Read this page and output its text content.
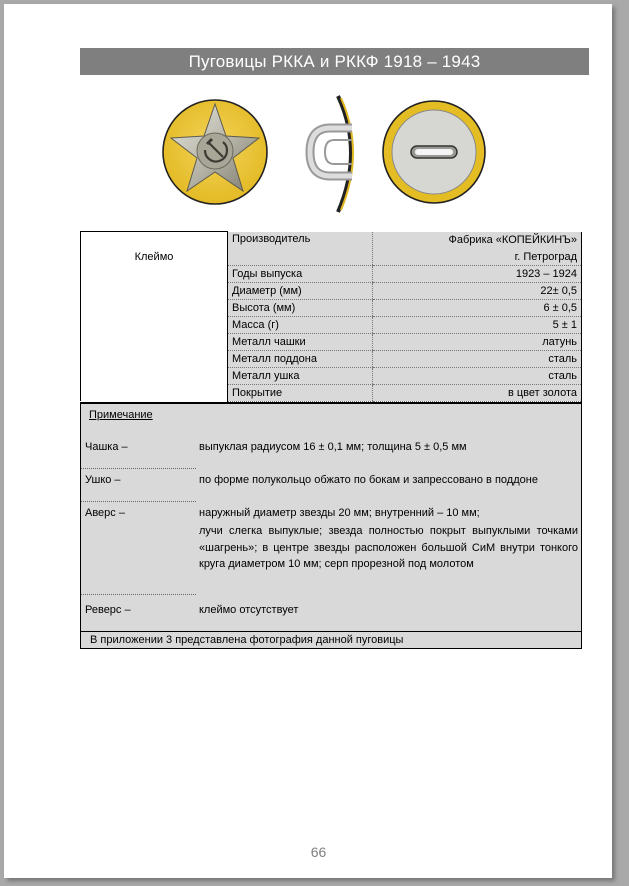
Пуговицы РККА и РККФ 1918 – 1943
Клеймо	Производитель	Фабрика «КОПЕЙКИНЪ»
г. Петроград

	Годы выпуска	1923 – 1924
	Диаметр (мм)	22± 0,5
	Высота (мм)	6 ± 0,5
	Масса (г)	5 ± 1
	Металл чашки	латунь
	Металл поддона	сталь
	Металл ушка	сталь
	Покрытие	в цвет золота
Примечание
Чашка –	выпуклая радиусом 16 ± 0,1 мм; толщина 5 ± 0,5 мм
Ушко –	по форме полукольцо обжато по бокам и запрессовано в поддоне
Аверс –	наружный диаметр звезды 20 мм; внутренний – 10 мм;
лучи слегка выпуклые; звезда полностью покрыт выпуклыми точками «шагрень»; в центре звезды расположен большой СиМ внутри тонкого круга диаметром 10 мм; серп прорезной под молотом
Реверс –	клеймо отсутствует
В приложении 3 представлена фотография данной пуговицы
66
